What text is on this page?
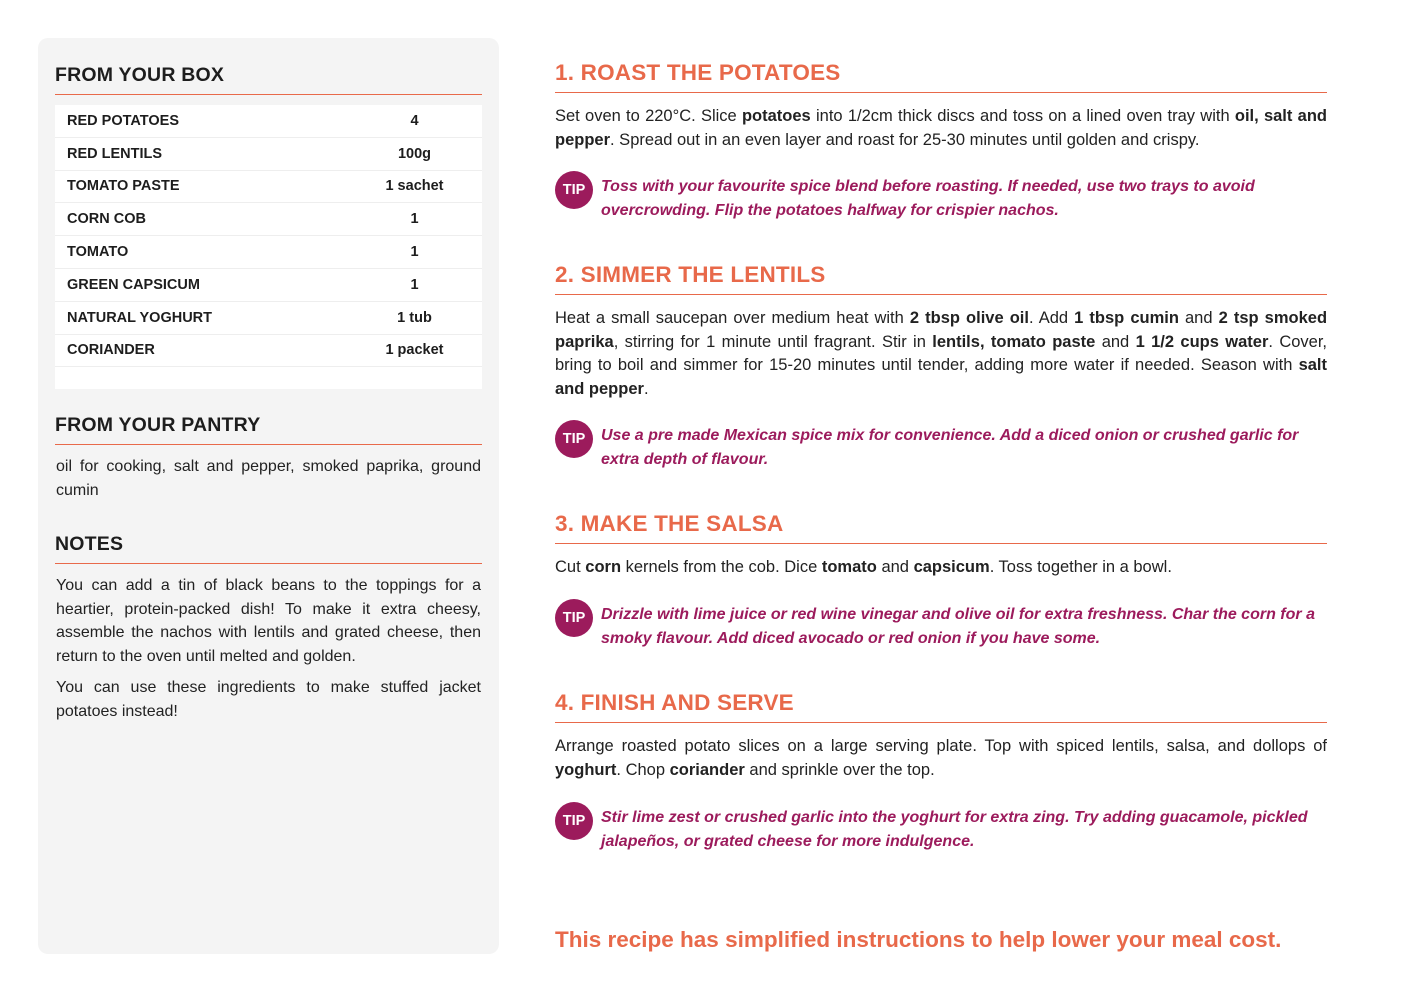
FROM YOUR BOX
RED POTATOES	4
RED LENTILS	100g
TOMATO PASTE	1 sachet
CORN COB	1
TOMATO	1
GREEN CAPSICUM	1
NATURAL YOGHURT	1 tub
CORIANDER	1 packet
FROM YOUR PANTRY

oil for cooking, salt and pepper, smoked paprika, ground cumin

NOTES

You can add a tin of black beans to the toppings for a heartier, protein-packed dish! To make it extra cheesy, assemble the nachos with lentils and grated cheese, then return to the oven until melted and golden.

You can use these ingredients to make stuffed jacket potatoes instead!

1. ROAST THE POTATOES

Set oven to 220°C. Slice potatoes into 1/2cm thick discs and toss on a lined oven tray with oil, salt and pepper. Spread out in an even layer and roast for 25-30 minutes until golden and crispy.

TIP Toss with your favourite spice blend before roasting. If needed, use two trays to avoid overcrowding. Flip the potatoes halfway for crispier nachos.

2. SIMMER THE LENTILS

Heat a small saucepan over medium heat with 2 tbsp olive oil. Add 1 tbsp cumin and 2 tsp smoked paprika, stirring for 1 minute until fragrant. Stir in lentils, tomato paste and 1 1/2 cups water. Cover, bring to boil and simmer for 15-20 minutes until tender, adding more water if needed. Season with salt and pepper.

TIP Use a pre made Mexican spice mix for convenience. Add a diced onion or crushed garlic for extra depth of flavour.

3. MAKE THE SALSA

Cut corn kernels from the cob. Dice tomato and capsicum. Toss together in a bowl.

TIP Drizzle with lime juice or red wine vinegar and olive oil for extra freshness. Char the corn for a smoky flavour. Add diced avocado or red onion if you have some.

4. FINISH AND SERVE

Arrange roasted potato slices on a large serving plate. Top with spiced lentils, salsa, and dollops of yoghurt. Chop coriander and sprinkle over the top.

TIP Stir lime zest or crushed garlic into the yoghurt for extra zing. Try adding guacamole, pickled jalapeños, or grated cheese for more indulgence.

This recipe has simplified instructions to help lower your meal cost.
